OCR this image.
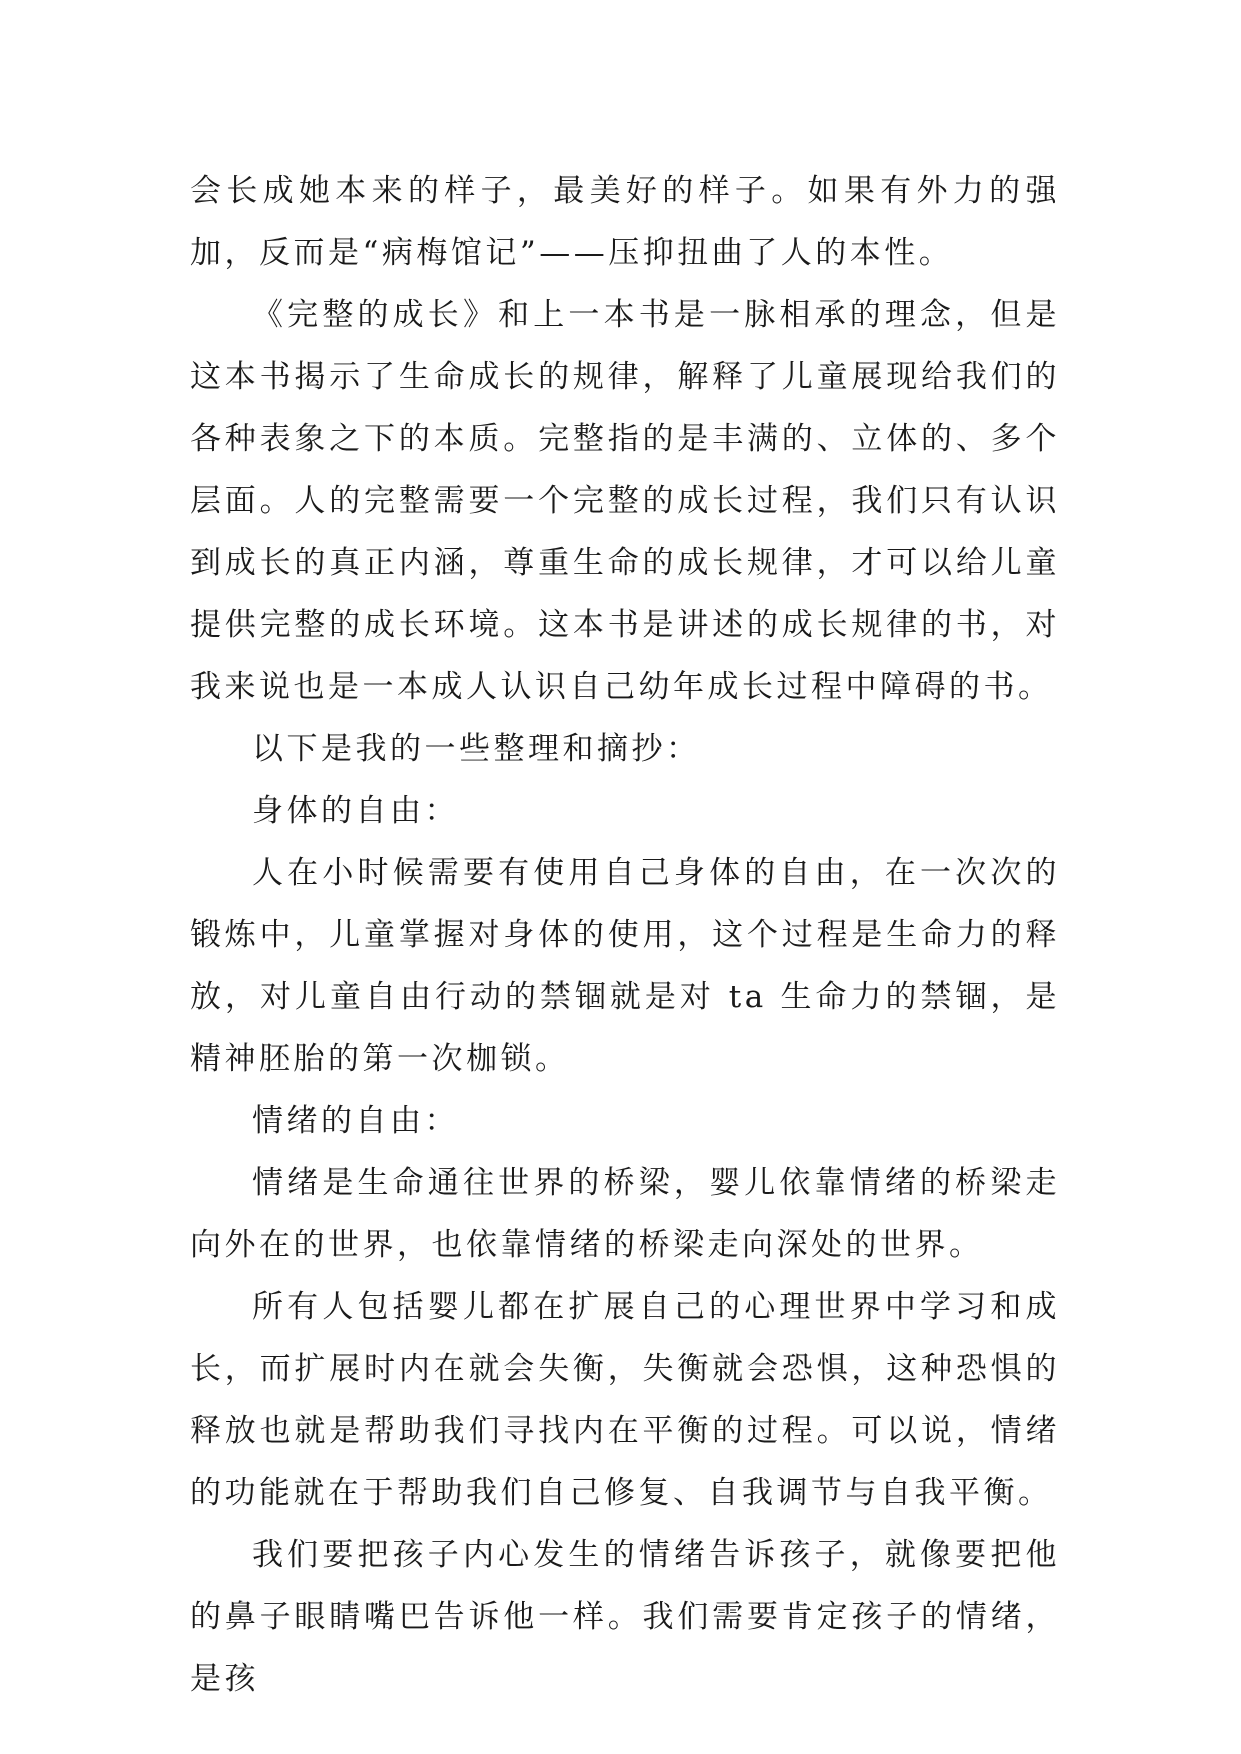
会长成她本来的样子，最美好的样子。如果有外力的强加，反而是“病梅馆记”——压抑扭曲了人的本性。

《完整的成长》和上一本书是一脉相承的理念，但是这本书揭示了生命成长的规律，解释了儿童展现给我们的各种表象之下的本质。完整指的是丰满的、立体的、多个层面。人的完整需要一个完整的成长过程，我们只有认识到成长的真正内涵，尊重生命的成长规律，才可以给儿童提供完整的成长环境。这本书是讲述的成长规律的书，对我来说也是一本成人认识自己幼年成长过程中障碍的书。

以下是我的一些整理和摘抄：

身体的自由：

人在小时候需要有使用自己身体的自由，在一次次的锻炼中，儿童掌握对身体的使用，这个过程是生命力的释放，对儿童自由行动的禁锢就是对 ta 生命力的禁锢，是精神胚胎的第一次枷锁。

情绪的自由：

情绪是生命通往世界的桥梁，婴儿依靠情绪的桥梁走向外在的世界，也依靠情绪的桥梁走向深处的世界。

所有人包括婴儿都在扩展自己的心理世界中学习和成长，而扩展时内在就会失衡，失衡就会恐惧，这种恐惧的释放也就是帮助我们寻找内在平衡的过程。可以说，情绪的功能就在于帮助我们自己修复、自我调节与自我平衡。

我们要把孩子内心发生的情绪告诉孩子，就像要把他的鼻子眼睛嘴巴告诉他一样。我们需要肯定孩子的情绪，是孩
